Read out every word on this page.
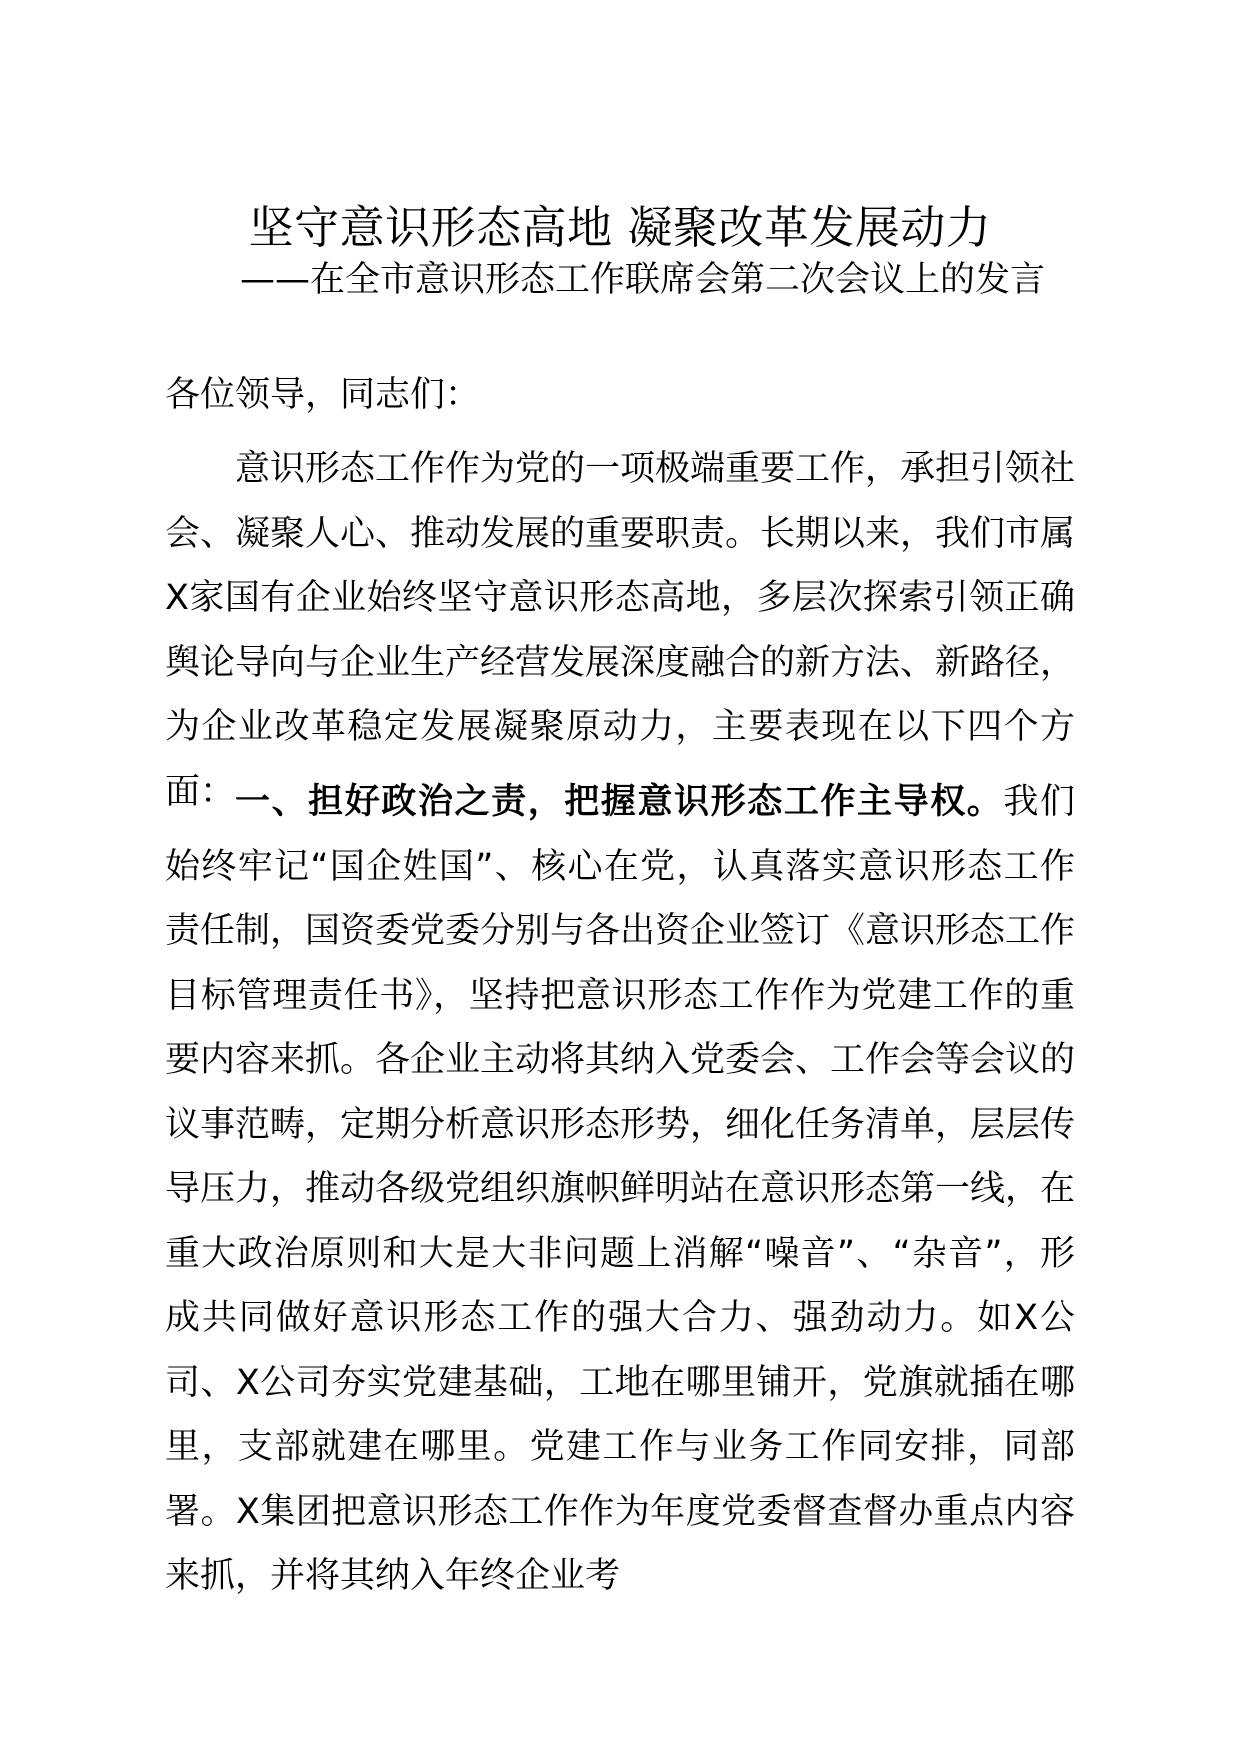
坚守意识形态高地 凝聚改革发展动力
——在全市意识形态工作联席会第二次会议上的发言
各位领导，同志们：

意识形态工作作为党的一项极端重要工作，承担引领社会、凝聚人心、推动发展的重要职责。长期以来，我们市属X家国有企业始终坚守意识形态高地，多层次探索引领正确舆论导向与企业生产经营发展深度融合的新方法、新路径，为企业改革稳定发展凝聚原动力，主要表现在以下四个方面： 一、担好政治之责，把握意识形态工作主导权。我们始终牢记“国企姓国”、核心在党，认真落实意识形态工作责任制，国资委党委分别与各出资企业签订《意识形态工作目标管理责任书》，坚持把意识形态工作作为党建工作的重要内容来抓。各企业主动将其纳入党委会、工作会等会议的议事范畴，定期分析意识形态形势，细化任务清单，层层传导压力，推动各级党组织旗帜鲜明站在意识形态第一线，在重大政治原则和大是大非问题上消解“噪音”、“杂音”，形成共同做好意识形态工作的强大合力、强劲动力。如X公司、X公司夯实党建基础，工地在哪里铺开，党旗就插在哪里，支部就建在哪里。党建工作与业务工作同安排，同部署。X集团把意识形态工作作为年度党委督查督办重点内容来抓，并将其纳入年终企业考
